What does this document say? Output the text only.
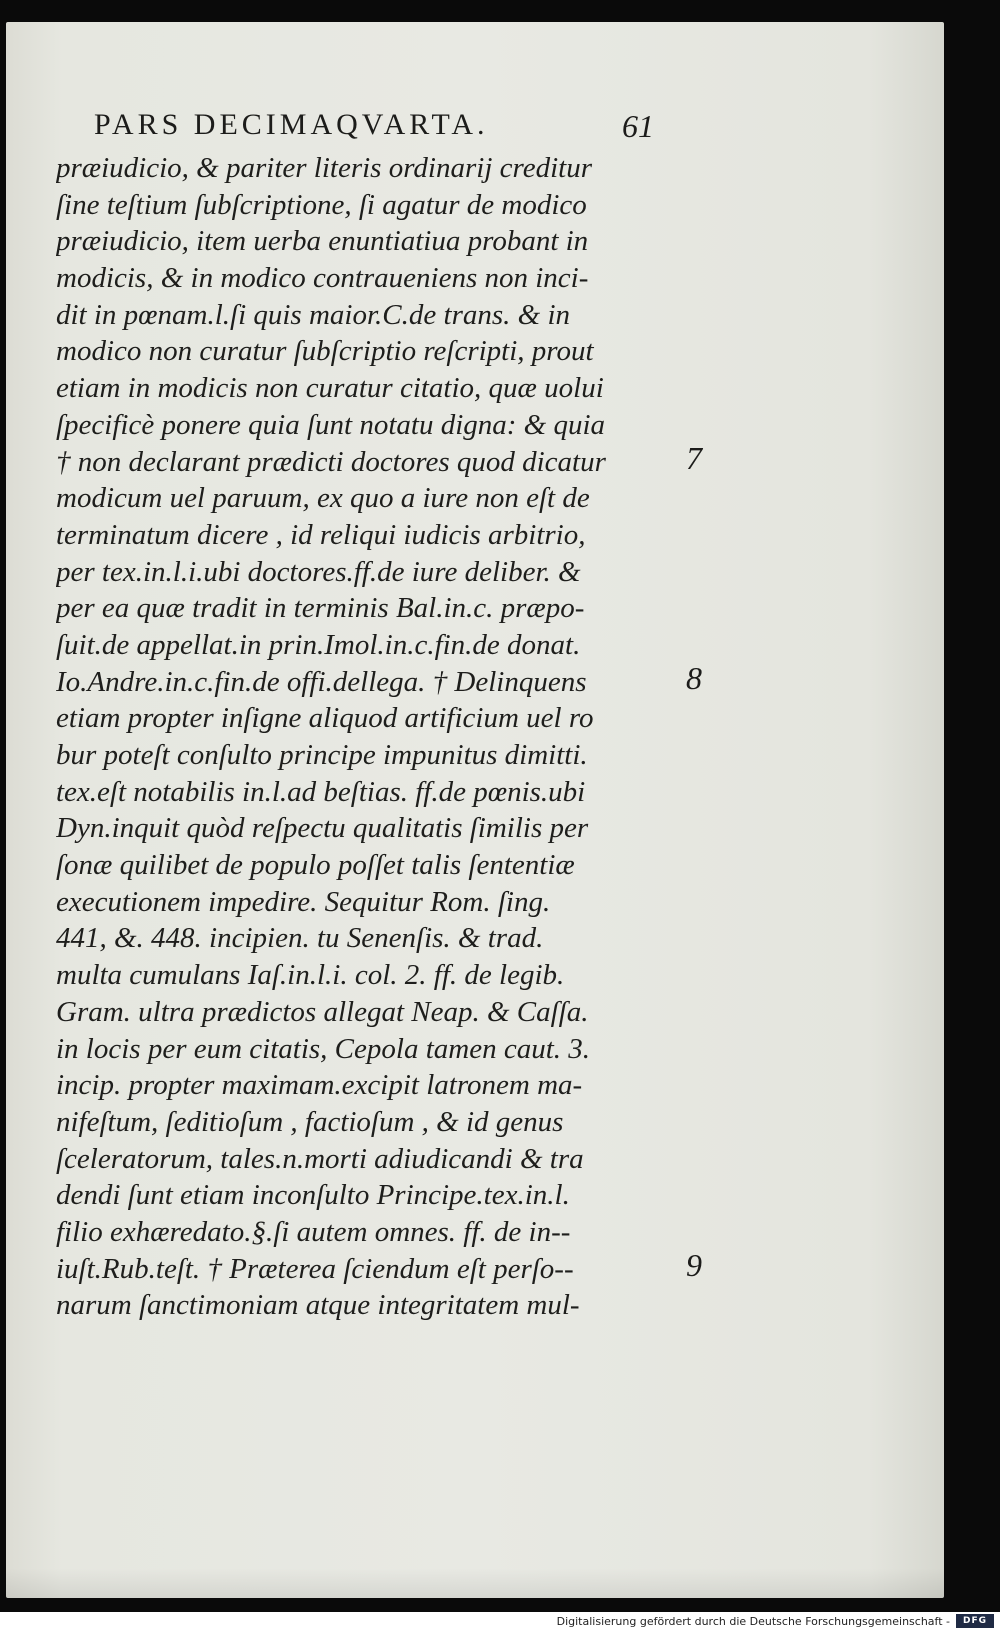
PARS DECIMAQVARTA.	61
præiudicio, & pariter literis ordinarij creditur
ſine teſtium ſubſcriptione, ſi agatur de modico
præiudicio, item uerba enuntiatiua probant in
modicis, & in modico contraueniens non inci-
dit in pœnam.l.ſi quis maior.C.de trans. & in
modico non curatur ſubſcriptio reſcripti, prout
etiam in modicis non curatur citatio, quæ uolui
ſpecificè ponere quia ſunt notatu digna: & quia
† non declarant prædicti doctores quod dicatur
modicum uel paruum, ex quo a iure non eſt de
terminatum dicere , id reliqui iudicis arbitrio,
per tex.in.l.i.ubi doctores.ff.de iure deliber. &
per ea quæ tradit in terminis Bal.in.c. præpo-
ſuit.de appellat.in prin.Imol.in.c.fin.de donat.
Io.Andre.in.c.fin.de offi.dellega. † Delinquens
etiam propter inſigne aliquod artificium uel ro
bur poteſt conſulto principe impunitus dimitti.
tex.eſt notabilis in.l.ad beſtias. ff.de pœnis.ubi
Dyn.inquit quòd reſpectu qualitatis ſimilis per
ſonæ quilibet de populo poſſet talis ſententiæ
executionem impedire. Sequitur Rom. ſing.
441, &. 448. incipien. tu Senenſis. & trad.
multa cumulans Iaſ.in.l.i. col. 2. ff. de legib.
Gram. ultra prædictos allegat Neap. & Caſſa.
in locis per eum citatis, Cepola tamen caut. 3.
incip. propter maximam.excipit latronem ma-
nifeſtum, ſeditioſum , factioſum , & id genus
ſceleratorum, tales.n.morti adiudicandi & tra
dendi ſunt etiam inconſulto Principe.tex.in.l.
filio exhæredato.§.ſi autem omnes. ff. de in--
iuſt.Rub.teſt. † Præterea ſciendum eſt perſo--
narum ſanctimoniam atque integritatem mul-
7
8
9
Digitalisierung gefördert durch die Deutsche Forschungsgemeinschaft -	DFG
